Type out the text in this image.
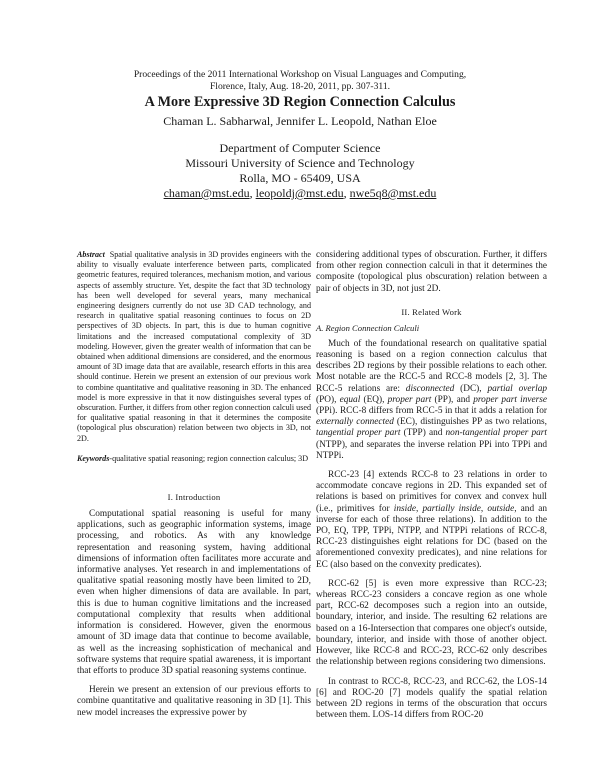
Proceedings of the 2011 International Workshop on Visual Languages and Computing,
Florence, Italy, Aug. 18-20, 2011, pp. 307-311.
A More Expressive 3D Region Connection Calculus
Chaman L. Sabharwal, Jennifer L. Leopold, Nathan Eloe
Department of Computer Science
Missouri University of Science and Technology
Rolla, MO - 65409, USA
chaman@mst.edu, leopoldj@mst.edu, nwe5q8@mst.edu

Abstract Spatial qualitative analysis in 3D provides engineers with the ability to visually evaluate interference between parts, complicated geometric features, required tolerances, mechanism motion, and various aspects of assembly structure. Yet, despite the fact that 3D technology has been well developed for several years, many mechanical engineering designers currently do not use 3D CAD technology, and research in qualitative spatial reasoning continues to focus on 2D perspectives of 3D objects. In part, this is due to human cognitive limitations and the increased computational complexity of 3D modeling. However, given the greater wealth of information that can be obtained when additional dimensions are considered, and the enormous amount of 3D image data that are available, research efforts in this area should continue. Herein we present an extension of our previous work to combine quantitative and qualitative reasoning in 3D. The enhanced model is more expressive in that it now distinguishes several types of obscuration. Further, it differs from other region connection calculi used for qualitative spatial reasoning in that it determines the composite (topological plus obscuration) relation between two objects in 3D, not 2D.

Keywords-qualitative spatial reasoning; region connection calculus; 3D

I. Introduction

Computational spatial reasoning is useful for many applications, such as geographic information systems, image processing, and robotics. As with any knowledge representation and reasoning system, having additional dimensions of information often facilitates more accurate and informative analyses. Yet research in and implementations of qualitative spatial reasoning mostly have been limited to 2D, even when higher dimensions of data are available. In part, this is due to human cognitive limitations and the increased computational complexity that results when additional information is considered. However, given the enormous amount of 3D image data that continue to become available, as well as the increasing sophistication of mechanical and software systems that require spatial awareness, it is important that efforts to produce 3D spatial reasoning systems continue.

Herein we present an extension of our previous efforts to combine quantitative and qualitative reasoning in 3D [1]. This new model increases the expressive power by

considering additional types of obscuration. Further, it differs from other region connection calculi in that it determines the composite (topological plus obscuration) relation between a pair of objects in 3D, not just 2D.

II. Related Work
A. Region Connection Calculi

Much of the foundational research on qualitative spatial reasoning is based on a region connection calculus that describes 2D regions by their possible relations to each other. Most notable are the RCC-5 and RCC-8 models [2, 3]. The RCC-5 relations are: disconnected (DC), partial overlap (PO), equal (EQ), proper part (PP), and proper part inverse (PPi). RCC-8 differs from RCC-5 in that it adds a relation for externally connected (EC), distinguishes PP as two relations, tangential proper part (TPP) and non-tangential proper part (NTPP), and separates the inverse relation PPi into TPPi and NTPPi.

RCC-23 [4] extends RCC-8 to 23 relations in order to accommodate concave regions in 2D. This expanded set of relations is based on primitives for convex and convex hull (i.e., primitives for inside, partially inside, outside, and an inverse for each of those three relations). In addition to the PO, EQ, TPP, TPPi, NTPP, and NTPPi relations of RCC-8, RCC-23 distinguishes eight relations for DC (based on the aforementioned convexity predicates), and nine relations for EC (also based on the convexity predicates).

RCC-62 [5] is even more expressive than RCC-23; whereas RCC-23 considers a concave region as one whole part, RCC-62 decomposes such a region into an outside, boundary, interior, and inside. The resulting 62 relations are based on a 16-Intersection that compares one object's outside, boundary, interior, and inside with those of another object. However, like RCC-8 and RCC-23, RCC-62 only describes the relationship between regions considering two dimensions.

In contrast to RCC-8, RCC-23, and RCC-62, the LOS-14 [6] and ROC-20 [7] models qualify the spatial relation between 2D regions in terms of the obscuration that occurs between them. LOS-14 differs from ROC-20
